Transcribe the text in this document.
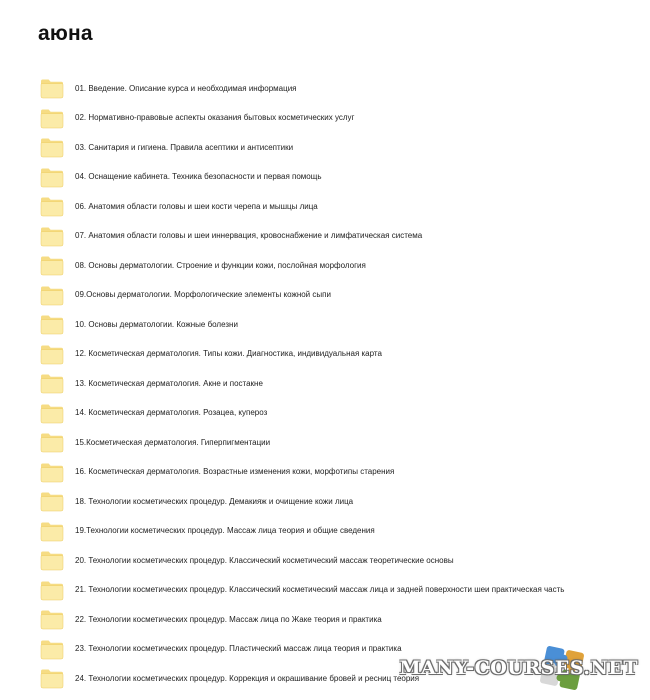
аюна
01. Введение. Описание курса и необходимая информация
02. Нормативно-правовые аспекты оказания бытовых косметических услуг
03. Санитария и гигиена. Правила асептики и антисептики
04. Оснащение кабинета. Техника безопасности и первая помощь
06. Анатомия области головы и шеи кости черепа и мышцы лица
07. Анатомия области головы и шеи иннервация, кровоснабжение и лимфатическая система
08. Основы дерматологии. Строение и функции кожи, послойная морфология
09.Основы дерматологии. Морфологические элементы кожной сыпи
10. Основы дерматологии. Кожные болезни
12. Косметическая дерматология. Типы кожи. Диагностика, индивидуальная карта
13. Косметическая дерматология. Акне и постакне
14. Косметическая дерматология. Розацеа, купероз
15.Косметическая дерматология. Гиперпигментации
16. Косметическая дерматология. Возрастные изменения кожи, морфотипы старения
18. Технологии косметических процедур. Демакияж и очищение кожи лица
19.Технологии косметических процедур. Массаж лица теория и общие сведения
20. Технологии косметических процедур. Классический косметический массаж теоретические основы
21. Технологии косметических процедур. Классический косметический массаж лица и задней поверхности шеи практическая часть
22. Технологии косметических процедур. Массаж лица по Жаке теория и практика
23. Технологии косметических процедур. Пластический массаж лица теория и практика
24. Технологии косметических процедур. Коррекция и окрашивание бровей и ресниц теория
MANY-COURSES.NET
